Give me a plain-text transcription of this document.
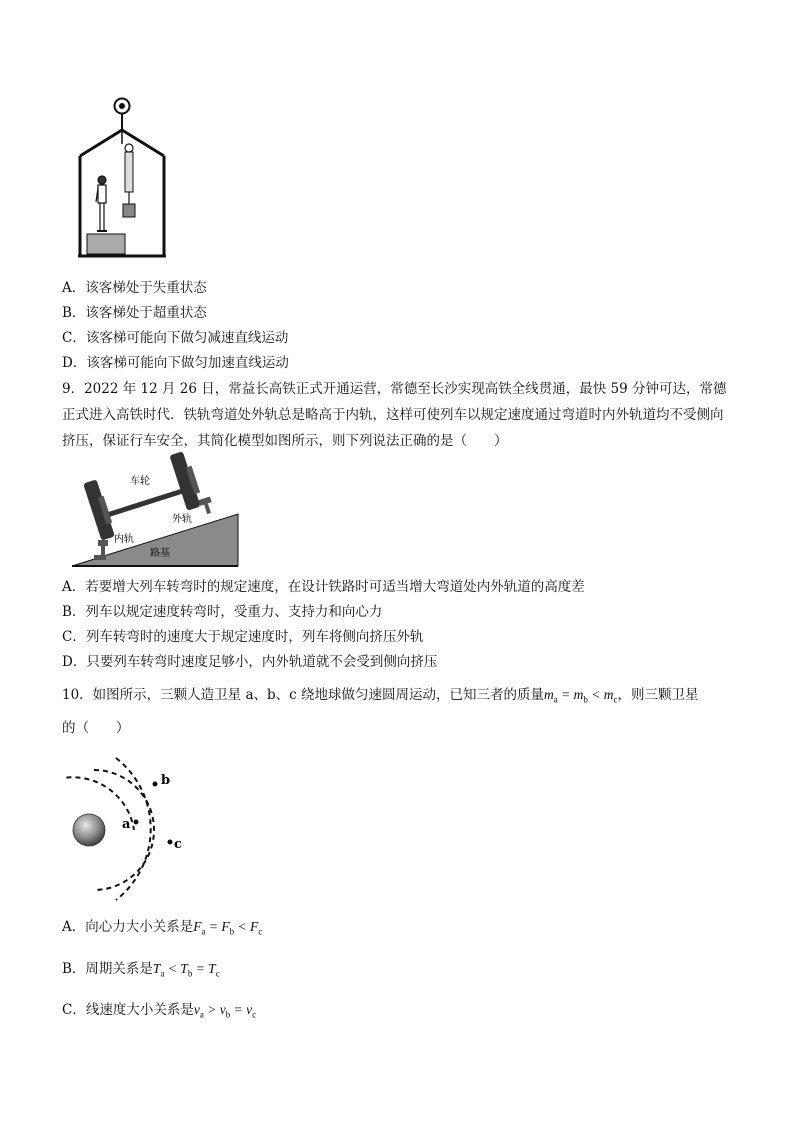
A．该客梯处于失重状态
B．该客梯处于超重状态
C．该客梯可能向下做匀减速直线运动
D．该客梯可能向下做匀加速直线运动
9．2022 年 12 月 26 日，常益长高铁正式开通运营，常德至长沙实现高铁全线贯通，最快 59 分钟可达，常德正式进入高铁时代．铁轨弯道处外轨总是略高于内轨，这样可使列车以规定速度通过弯道时内外轨道均不受侧向挤压，保证行车安全，其简化模型如图所示，则下列说法正确的是（　　）
车轮
外轨
内轨
路基
A．若要增大列车转弯时的规定速度，在设计铁路时可适当增大弯道处内外轨道的高度差
B．列车以规定速度转弯时，受重力、支持力和向心力
C．列车转弯时的速度大于规定速度时，列车将侧向挤压外轨
D．只要列车转弯时速度足够小，内外轨道就不会受到侧向挤压
10．如图所示，三颗人造卫星 a、b、c 绕地球做匀速圆周运动，已知三者的质量$m_a = m_b < m_c$，则三颗卫星
的（　　）
a
b
c
A．向心力大小关系是$F_a = F_b < F_c$
B．周期关系是$T_a < T_b = T_c$
C．线速度大小关系是$v_a > v_b = v_c$
